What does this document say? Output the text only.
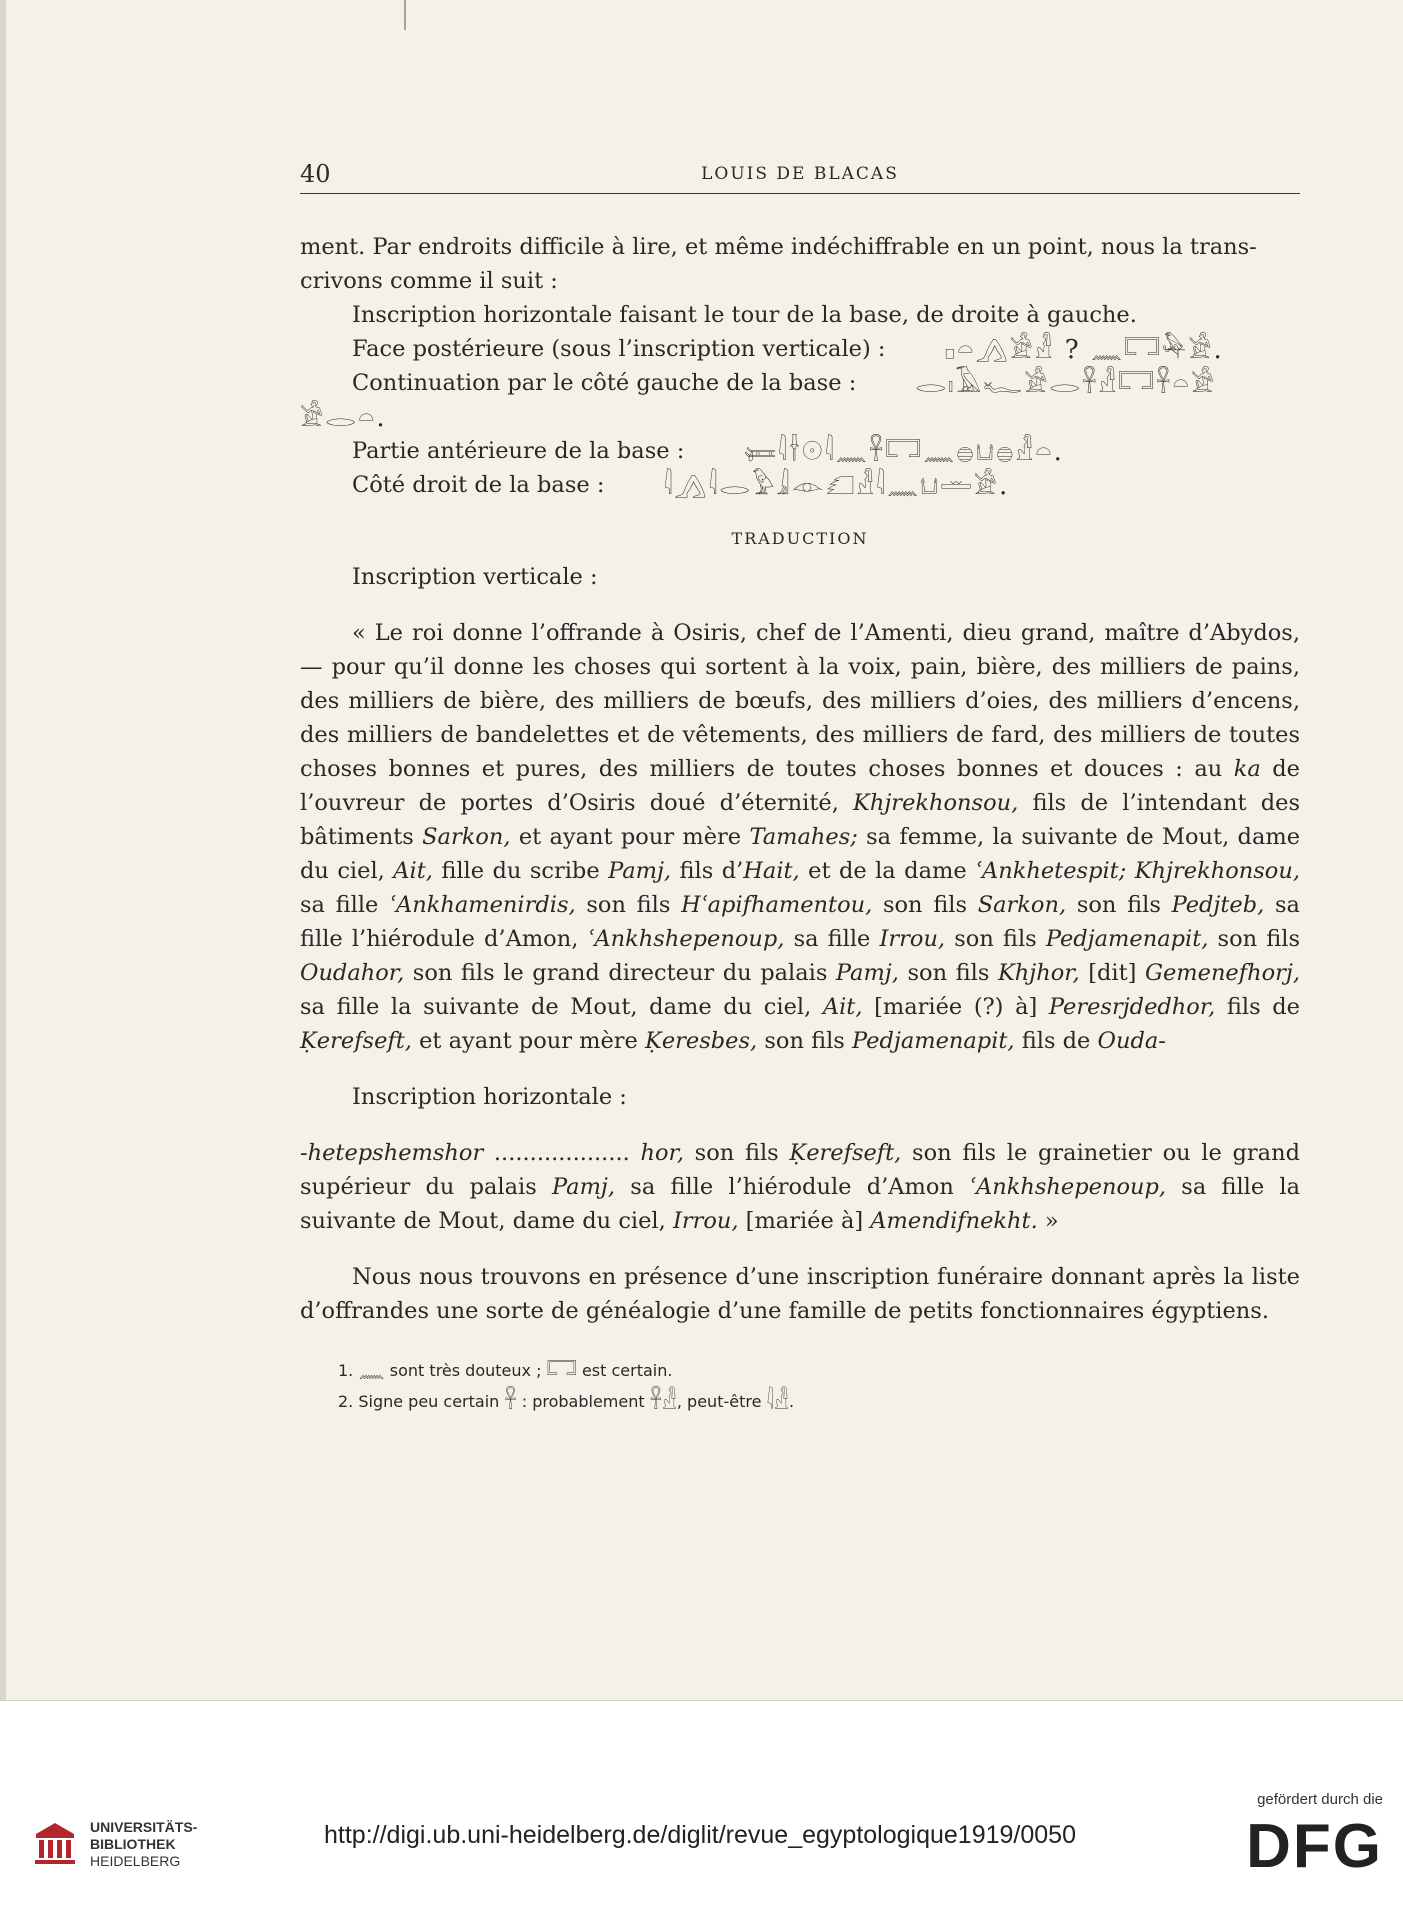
40	LOUIS DE BLACAS

ment. Par endroits difficile à lire, et même indéchiffrable en un point, nous la trans-

crivons comme il suit :

Inscription horizontale faisant le tour de la base, de droite à gauche.

Face postérieure (sous l’inscription verticale) : 𓊪𓏏𓂻𓀀𓁐 ? 𓈖𓉐𓅆𓀀.

Continuation par le côté gauche de la base : 𓂋𓏤𓄿𓆑𓀀𓂋𓋹𓁐𓉐𓋹𓏏𓀀

𓀀𓂋𓏏.

Partie antérieure de la base : 𓍃𓇋𓌂𓇳𓇋𓈖𓋹𓉐𓈖𓐍𓂓𓐍𓁐𓏏.

Côté droit de la base : 𓇋𓂻𓇋𓂋𓅱𓇍𓁹𓆎𓁐𓇋𓈖𓂓𓏛𓀀.

TRADUCTION

Inscription verticale :

« Le roi donne l’offrande à Osiris, chef de l’Amenti, dieu grand, maître d’Abydos, — pour qu’il donne les choses qui sortent à la voix, pain, bière, des milliers de pains, des milliers de bière, des milliers de bœufs, des milliers d’oies, des milliers d’encens, des milliers de bandelettes et de vêtements, des milliers de fard, des milliers de toutes choses bonnes et pures, des milliers de toutes choses bonnes et douces : au ka de l’ouvreur de portes d’Osiris doué d’éternité, Khjrekhonsou, fils de l’intendant des bâtiments Sarkon, et ayant pour mère Tamahes; sa femme, la suivante de Mout, dame du ciel, Ait, fille du scribe Pamj, fils d’Hait, et de la dame ʿAnkhetespit; Khjrekhonsou, sa fille ʿAnkhamenirdis, son fils Hʿapifhamentou, son fils Sarkon, son fils Pedjteb, sa fille l’hiérodule d’Amon, ʿAnkhshepenoup, sa fille Irrou, son fils Pedjamenapit, son fils Oudahor, son fils le grand directeur du palais Pamj, son fils Khjhor, [dit] Gemenefhorj, sa fille la suivante de Mout, dame du ciel, Ait, [mariée (?) à] Peresrjdedhor, fils de Ḳerefseft, et ayant pour mère Ḳeresbes, son fils Pedjamenapit, fils de Ouda-

Inscription horizontale :

-hetepshemshor ................... hor, son fils Ḳerefseft, son fils le grainetier ou le grand supérieur du palais Pamj, sa fille l’hiérodule d’Amon ʿAnkhshepenoup, sa fille la suivante de Mout, dame du ciel, Irrou, [mariée à] Amendifnekht. »

Nous nous trouvons en présence d’une inscription funéraire donnant après la liste d’offrandes une sorte de généalogie d’une famille de petits fonctionnaires égyptiens.

1. 𓈖 sont très douteux ; 𓉐 est certain.
2. Signe peu certain 𓋹 : probablement 𓋹𓁐, peut-être 𓇋𓁐.
UNIVERSITÄTS-
BIBLIOTHEK
HEIDELBERG
http://digi.ub.uni-heidelberg.de/diglit/revue_egyptologique1919/0050
gefördert durch die
DFG
